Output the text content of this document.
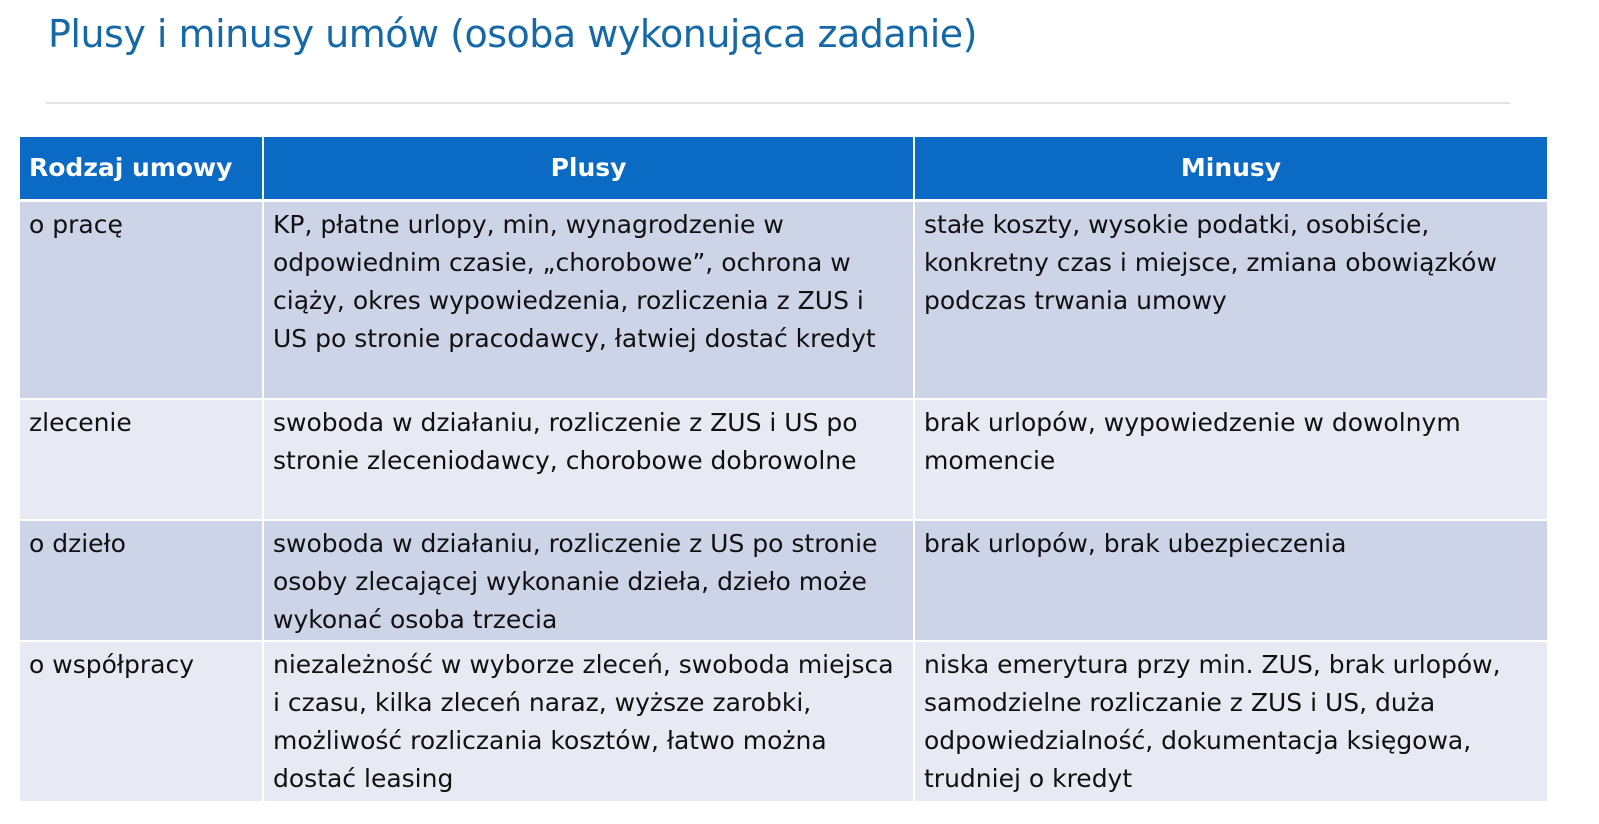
Plusy i minusy umów (osoba wykonująca zadanie)
Rodzaj umowy	Plusy	Minusy
o pracę	KP, płatne urlopy, min, wynagrodzenie w odpowiednim czasie, „chorobowe”, ochrona w ciąży, okres wypowiedzenia, rozliczenia z ZUS i US po stronie pracodawcy, łatwiej dostać kredyt	stałe koszty, wysokie podatki, osobiście, konkretny czas i miejsce, zmiana obowiązków podczas trwania umowy
zlecenie	swoboda w działaniu, rozliczenie z ZUS i US po stronie zleceniodawcy, chorobowe dobrowolne	brak urlopów, wypowiedzenie w dowolnym momencie
o dzieło	swoboda w działaniu, rozliczenie z US po stronie osoby zlecającej wykonanie dzieła, dzieło może wykonać osoba trzecia	brak urlopów, brak ubezpieczenia
o współpracy	niezależność w wyborze zleceń, swoboda miejsca i czasu, kilka zleceń naraz, wyższe zarobki, możliwość rozliczania kosztów, łatwo można dostać leasing	niska emerytura przy min. ZUS, brak urlopów, samodzielne rozliczanie z ZUS i US, duża odpowiedzialność, dokumentacja księgowa, trudniej o kredyt
